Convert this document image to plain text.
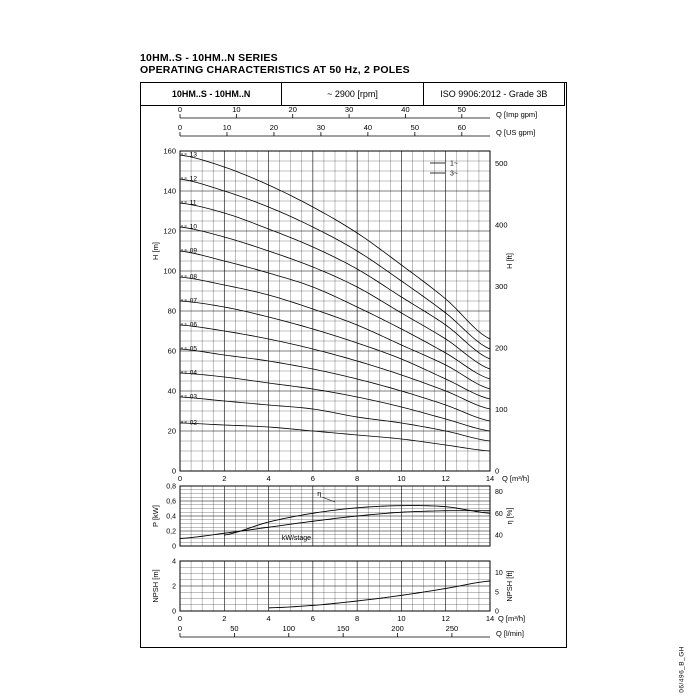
10HM..S - 10HM..N SERIES
OPERATING CHARACTERISTICS AT 50 Hz, 2 POLES
10HM..S - 10HM..N	~ 2900 [rpm]	ISO 9906:2012 - Grade 3B
0
20
40
60
80
100
120
140
160
0
100
200
300
400
500
0	2	4	6	8	10	12	14
H [m]
H [ft]
Q [m³/h]
0	10	20	30	40	50
Q [Imp gpm]
0	10	20	30	40	50	60
Q [US gpm]
1~
3~
13
12
11
10
09
08
07
06
05
04
03
02
0
0,2
0,4
0,6
0,8
40
60
80
P [kW]	η [%]
kW/stage
η
0
2
4
0
5
10
NPSH [m]	NPSH [ft]
0	2	4	6	8	10	12	14 Q [m³/h]
0	50	100	150	200	250
Q [l/min]
06/496_B_GH
